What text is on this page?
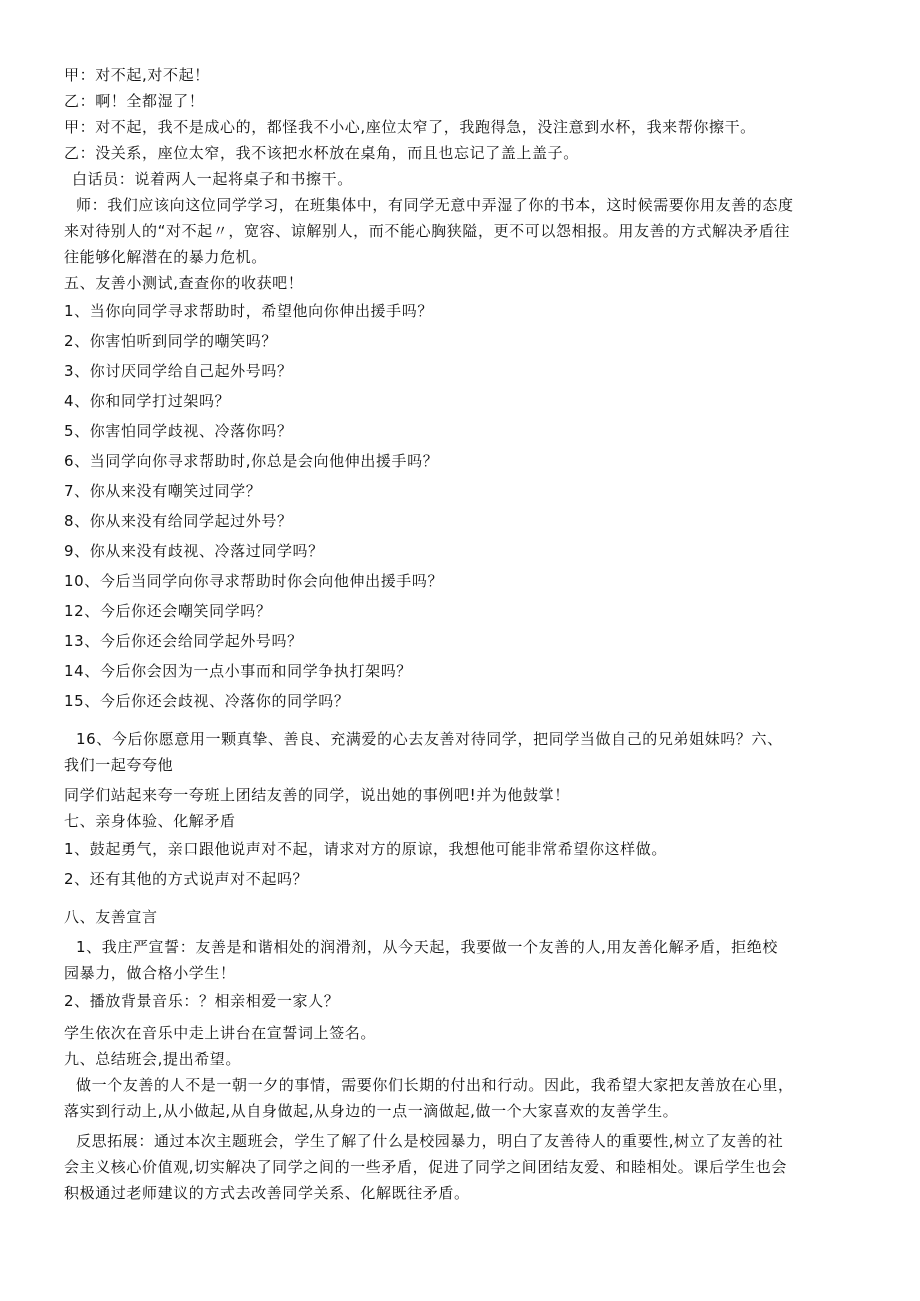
甲：对不起,对不起！

乙：啊！全都湿了！

甲：对不起，我不是成心的，都怪我不小心,座位太窄了，我跑得急，没注意到水杯，我来帮你擦干。

乙：没关系，座位太窄，我不该把水杯放在桌角，而且也忘记了盖上盖子。

白话员：说着两人一起将桌子和书擦干。

师：我们应该向这位同学学习，在班集体中，有同学无意中弄湿了你的书本，这时候需要你用友善的态度

来对待别人的“对不起〃，宽容、谅解别人，而不能心胸狭隘，更不可以怨相报。用友善的方式解决矛盾往

往能够化解潜在的暴力危机。

五、友善小测试,查查你的收获吧！

1、当你向同学寻求帮助时，希望他向你伸出援手吗？

2、你害怕听到同学的嘲笑吗？

3、你讨厌同学给自己起外号吗？

4、你和同学打过架吗？

5、你害怕同学歧视、冷落你吗？

6、当同学向你寻求帮助时,你总是会向他伸出援手吗？

7、你从来没有嘲笑过同学？

8、你从来没有给同学起过外号？

9、你从来没有歧视、冷落过同学吗？

10、今后当同学向你寻求帮助时你会向他伸出援手吗？

12、今后你还会嘲笑同学吗？

13、今后你还会给同学起外号吗？

14、今后你会因为一点小事而和同学争执打架吗？

15、今后你还会歧视、冷落你的同学吗？

16、今后你愿意用一颗真挚、善良、充满爱的心去友善对待同学，把同学当做自己的兄弟姐妹吗？六、

我们一起夸夸他

同学们站起来夸一夸班上团结友善的同学，说出她的事例吧!并为他鼓掌！

七、亲身体验、化解矛盾

1、鼓起勇气，亲口跟他说声对不起，请求对方的原谅，我想他可能非常希望你这样做。

2、还有其他的方式说声对不起吗？

八、友善宣言

1、我庄严宣誓：友善是和谐相处的润滑剂，从今天起，我要做一个友善的人,用友善化解矛盾，拒绝校

园暴力，做合格小学生！

2、播放背景音乐：？相亲相爱一家人？

学生依次在音乐中走上讲台在宣誓词上签名。

九、总结班会,提出希望。

做一个友善的人不是一朝一夕的事情，需要你们长期的付出和行动。因此，我希望大家把友善放在心里，

落实到行动上,从小做起,从自身做起,从身边的一点一滴做起,做一个大家喜欢的友善学生。

反思拓展：通过本次主题班会，学生了解了什么是校园暴力，明白了友善待人的重要性,树立了友善的社

会主义核心价值观,切实解决了同学之间的一些矛盾，促进了同学之间团结友爱、和睦相处。课后学生也会

积极通过老师建议的方式去改善同学关系、化解既往矛盾。
